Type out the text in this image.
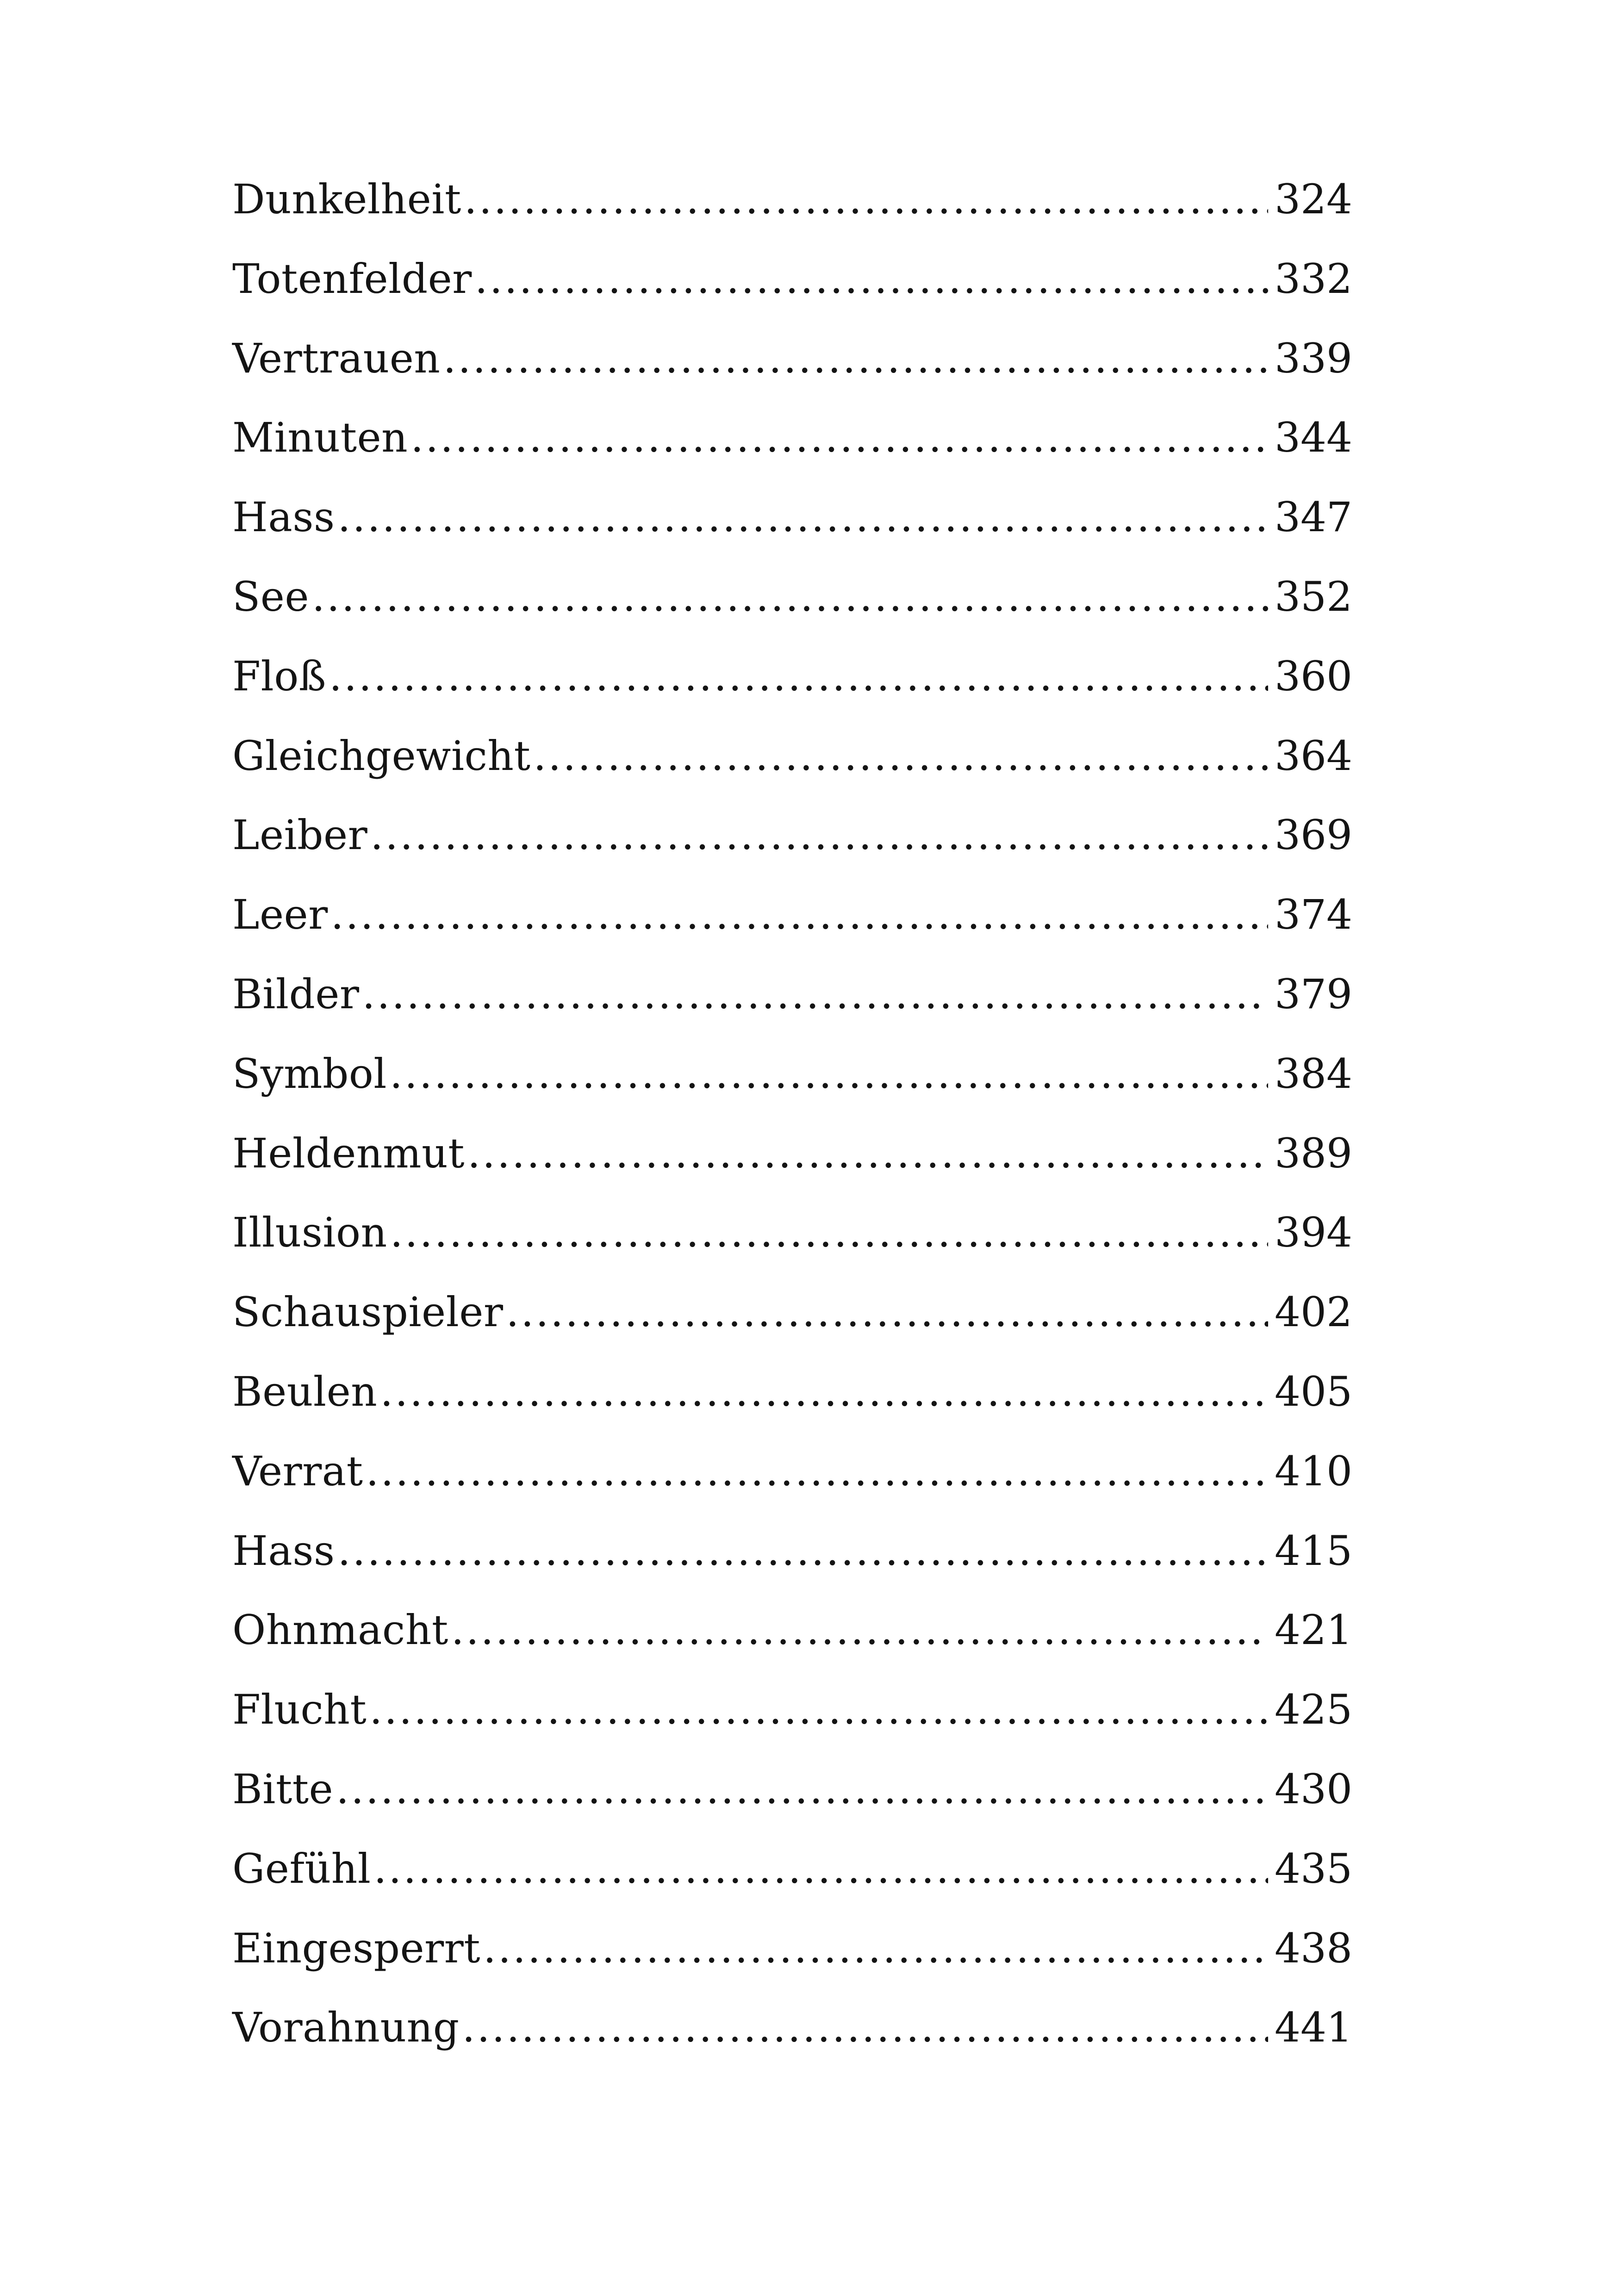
Dunkelheit .....	324
Totenfelder .....	332
Vertrauen .....	339
Minuten .....	344
Hass .....	347
See .....	352
Floß .....	360
Gleichgewicht .....	364
Leiber .....	369
Leer .....	374
Bilder .....	379
Symbol .....	384
Heldenmut .....	389
Illusion .....	394
Schauspieler .....	402
Beulen .....	405
Verrat .....	410
Hass .....	415
Ohnmacht .....	421
Flucht .....	425
Bitte .....	430
Gefühl .....	435
Eingesperrt .....	438
Vorahnung .....	441
